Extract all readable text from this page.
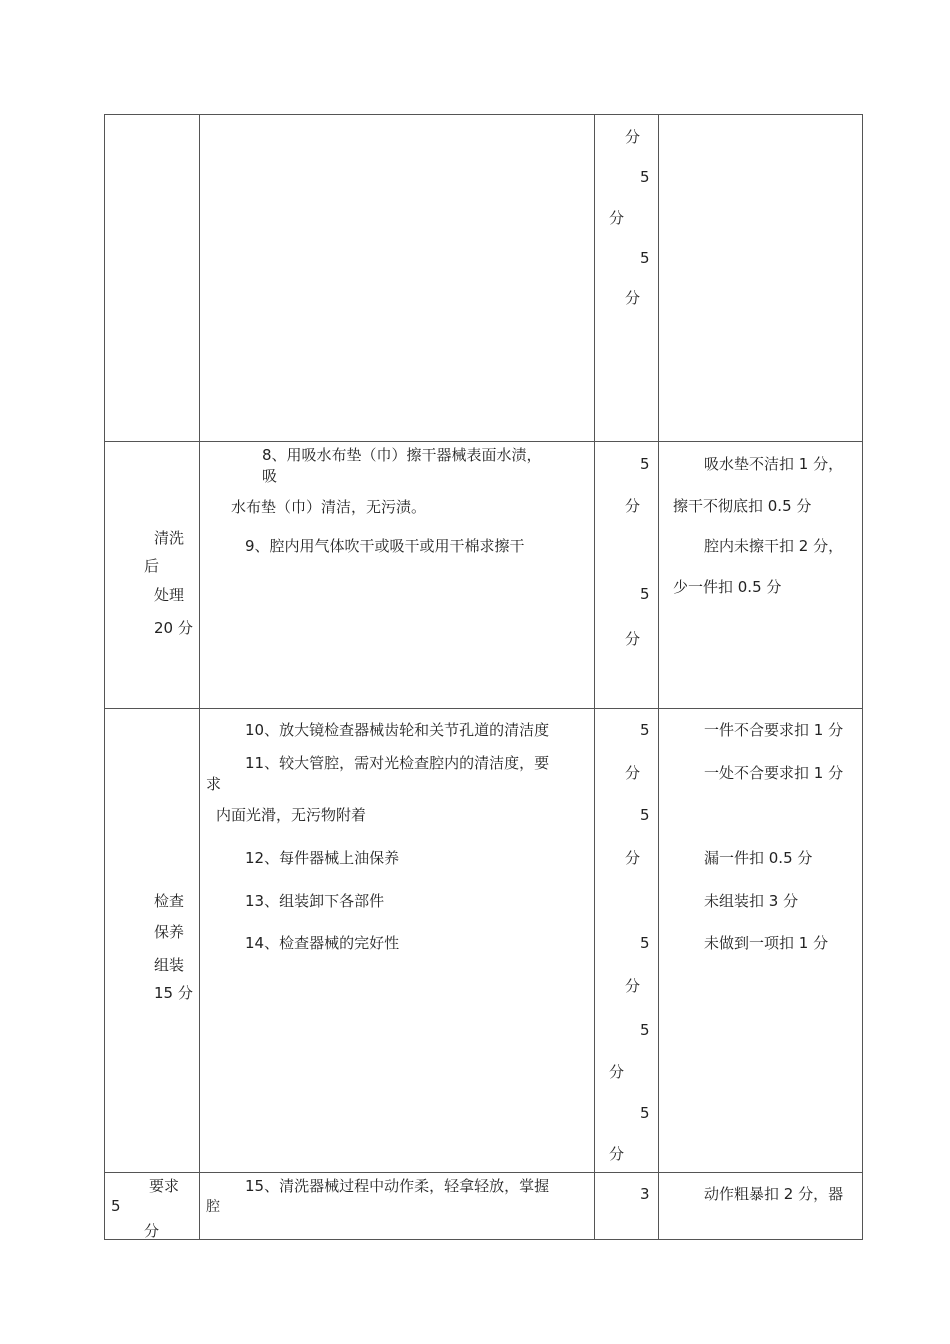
分
5
分
5
分
清洗
后
处理
20 分
8、用吸水布垫（巾）擦干器械表面水渍，
吸
水布垫（巾）清洁，无污渍。
9、腔内用气体吹干或吸干或用干棉求擦干
5
分
5
分
吸水垫不洁扣 1 分，
擦干不彻底扣 0.5 分
腔内未擦干扣 2 分，
少一件扣 0.5 分
检查
保养
组装
15 分
10、放大镜检查器械齿轮和关节孔道的清洁度
11、较大管腔，需对光检查腔内的清洁度，要
求
内面光滑，无污物附着
12、每件器械上油保养
13、组装卸下各部件
14、检查器械的完好性
5
分
5
分
5
分
5
分
5
分
一件不合要求扣 1 分
一处不合要求扣 1 分
漏一件扣 0.5 分
未组装扣 3 分
未做到一项扣 1 分
要求
5
分
15、清洗器械过程中动作柔，轻拿轻放，掌握
腔
3	动作粗暴扣 2 分，器
